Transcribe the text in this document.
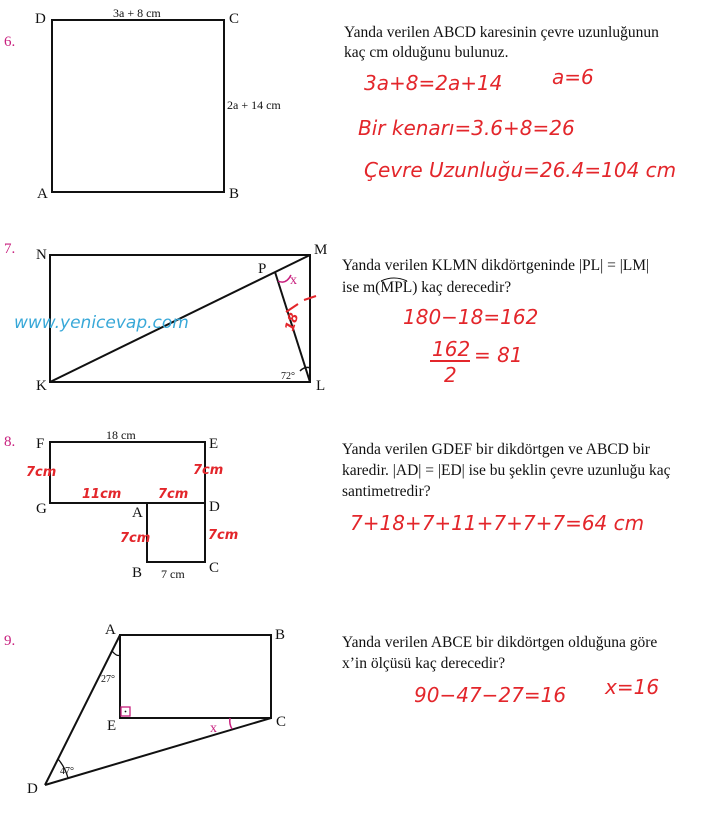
6.
D	C
A	B
3a + 8 cm
2a + 14 cm
Yanda verilen ABCD karesinin çevre uzunluğunun
kaç cm olduğunu bulunuz.
3a+8=2a+14 a=6
Bir kenarı=3.6+8=26
Çevre Uzunluğu=26.4=104 cm
7. N	M
P
K	L
x
72°
18
Yanda verilen KLMN dikdörtgeninde |PL| = |LM|
ise m(MPL) kaç derecedir?
180−18=162
162
2
= 81
www.yenicevap.com
8. F	E
G	D
A
B	C
18 cm
7 cm
7cm	7cm
11cm	7cm
7cm	7cm
Yanda verilen GDEF bir dikdörtgen ve ABCD bir
karedir. |AD| = |ED| ise bu şeklin çevre uzunluğu kaç
santimetredir?
7+18+7+11+7+7+7=64 cm
9.
A	B
E	C
D
27°
47°
x
Yanda verilen ABCE bir dikdörtgen olduğuna göre
x’in ölçüsü kaç derecedir?
90−47−27=16 x=16
